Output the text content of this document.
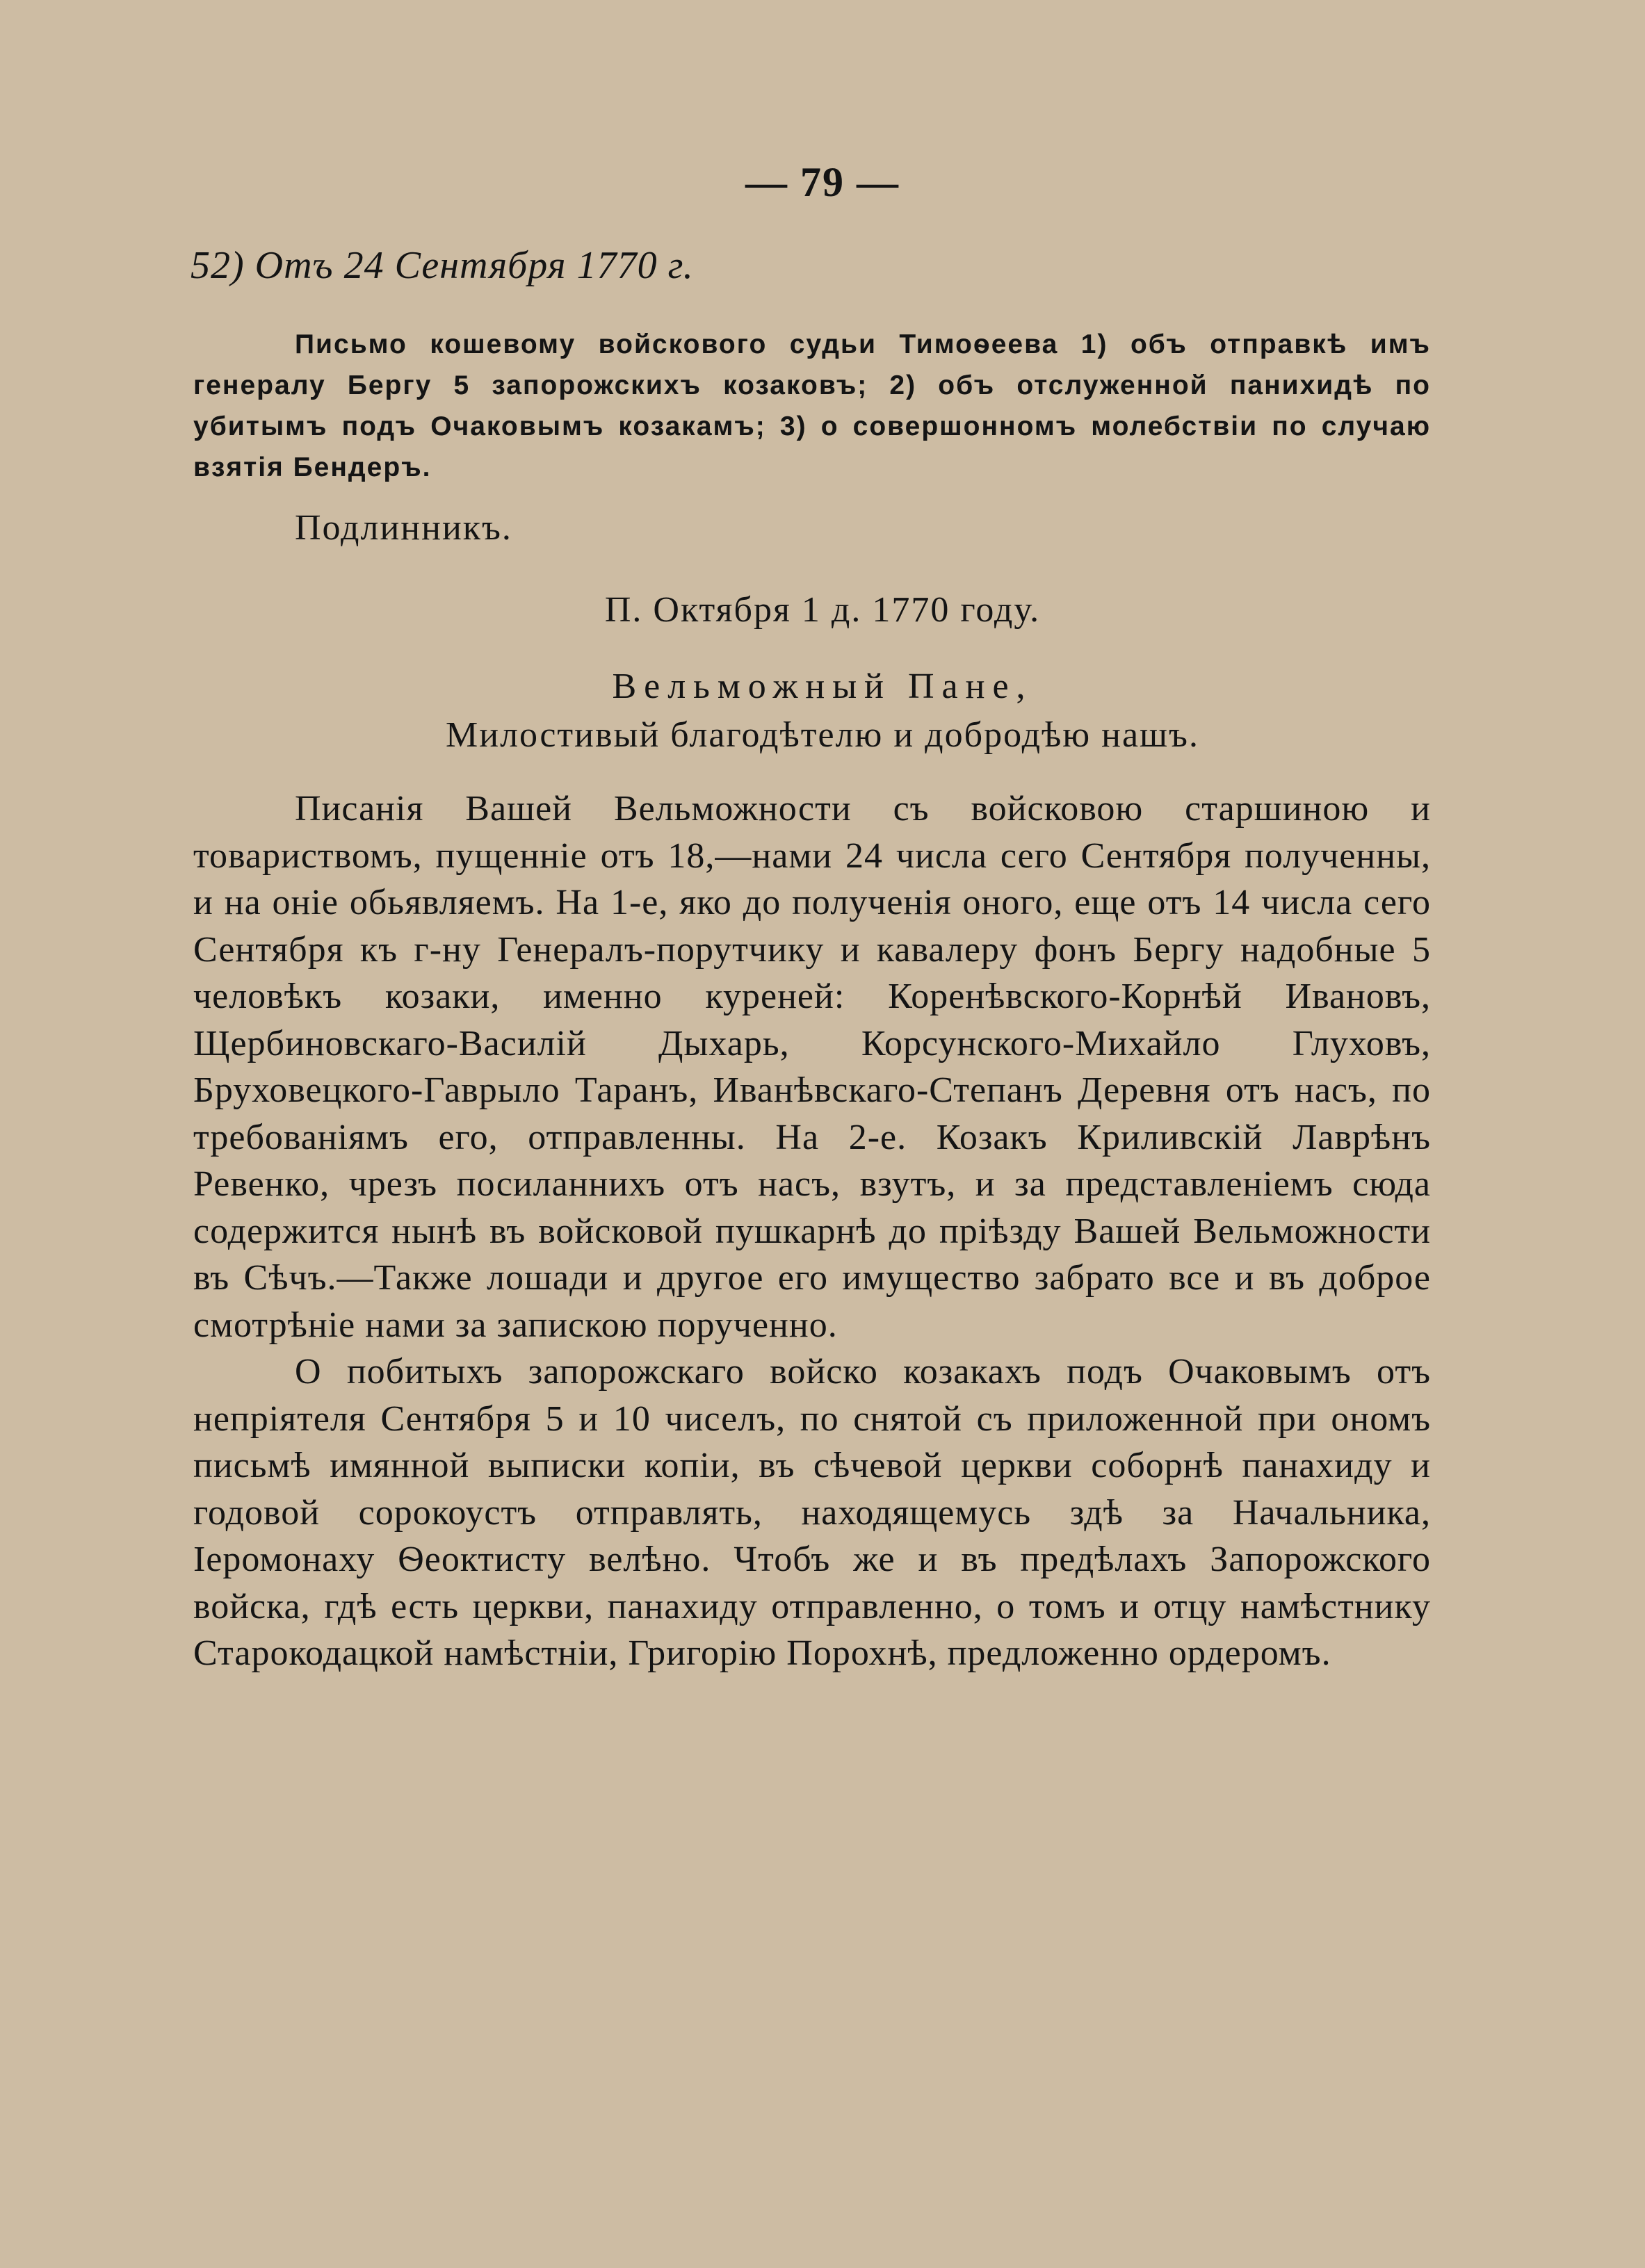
— 79 —
52) Отъ 24 Сентября 1770 г.
Письмо кошевому войскового судьи Тимоѳеева 1) объ отправкѣ имъ генералу Бергу 5 запорожскихъ козаковъ; 2) объ отслуженной панихидѣ по убитымъ подъ Очаковымъ козакамъ; 3) о совершонномъ молебствіи по случаю взятія Бендеръ.
Подлинникъ.
П. Октября 1 д. 1770 году.
Вельможный Пане,
Милостивый благодѣтелю и добродѣю нашъ.

Писанія Вашей Вельможности съ войсковою старшиною и товариствомъ, пущенніе отъ 18,—нами 24 числа сего Сентября полученны, и на оніе обьявляемъ. На 1-е, яко до полученія оного, еще отъ 14 числа сего Сентября къ г-ну Генералъ-порутчику и кавалеру фонъ Бергу надобные 5 человѣкъ козаки, именно куреней: Коренѣвского-Корнѣй Ивановъ, Щербиновскаго-Василій Дыхарь, Корсунского-Михайло Глуховъ, Бруховецкого-Гаврыло Таранъ, Иванѣвскаго-Степанъ Деревня отъ насъ, по требованіямъ его, отправленны. На 2-е. Козакъ Криливскій Лаврѣнъ Ревенко, чрезъ посиланнихъ отъ насъ, взутъ, и за представленіемъ сюда содержится нынѣ въ войсковой пушкарнѣ до пріѣзду Вашей Вельможности въ Сѣчъ.—Также лошади и другое его имущество забрато все и въ доброе смотрѣніе нами за запискою порученно.

О побитыхъ запорожскаго войско козакахъ подъ Очаковымъ отъ непріятеля Сентября 5 и 10 чиселъ, по снятой съ приложенной при ономъ письмѣ имянной выписки копіи, въ сѣчевой церкви соборнѣ панахиду и годовой сорокоустъ отправлять, находящемусь здѣ за Начальника, Іеромонаху Ѳеоктисту велѣно. Чтобъ же и въ предѣлахъ Запорожского войска, гдѣ есть церкви, панахиду отправленно, о томъ и отцу намѣстнику Старокодацкой намѣстніи, Григорію Порохнѣ, предложенно ордеромъ.
